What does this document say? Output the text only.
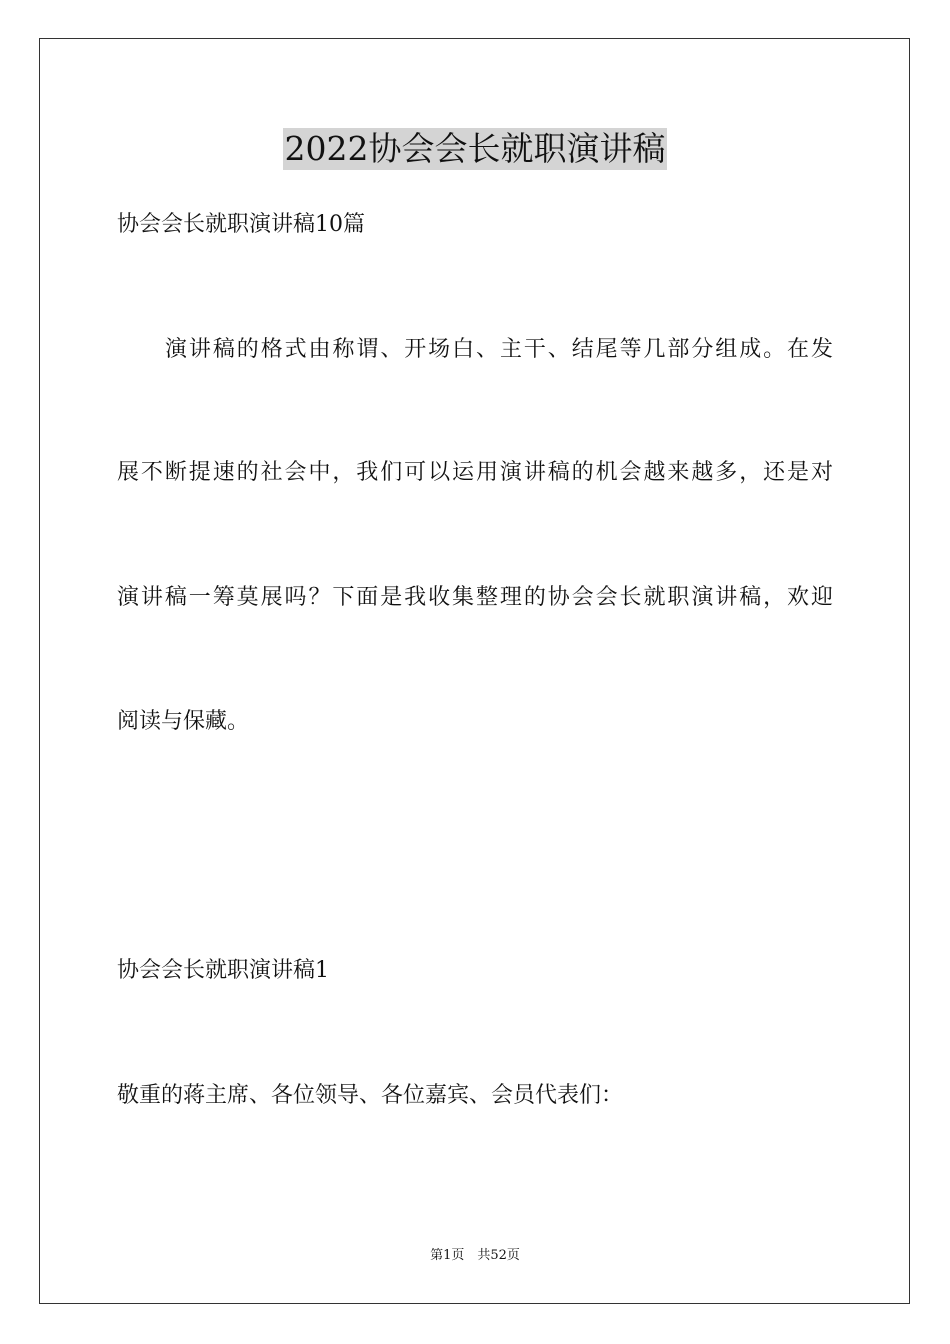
2022协会会长就职演讲稿

协会会长就职演讲稿10篇

演讲稿的格式由称谓、开场白、主干、结尾等几部分组成。在发

展不断提速的社会中，我们可以运用演讲稿的机会越来越多，还是对

演讲稿一筹莫展吗？下面是我收集整理的协会会长就职演讲稿，欢迎

阅读与保藏。

协会会长就职演讲稿1

敬重的蒋主席、各位领导、各位嘉宾、会员代表们：

第1页　共52页
